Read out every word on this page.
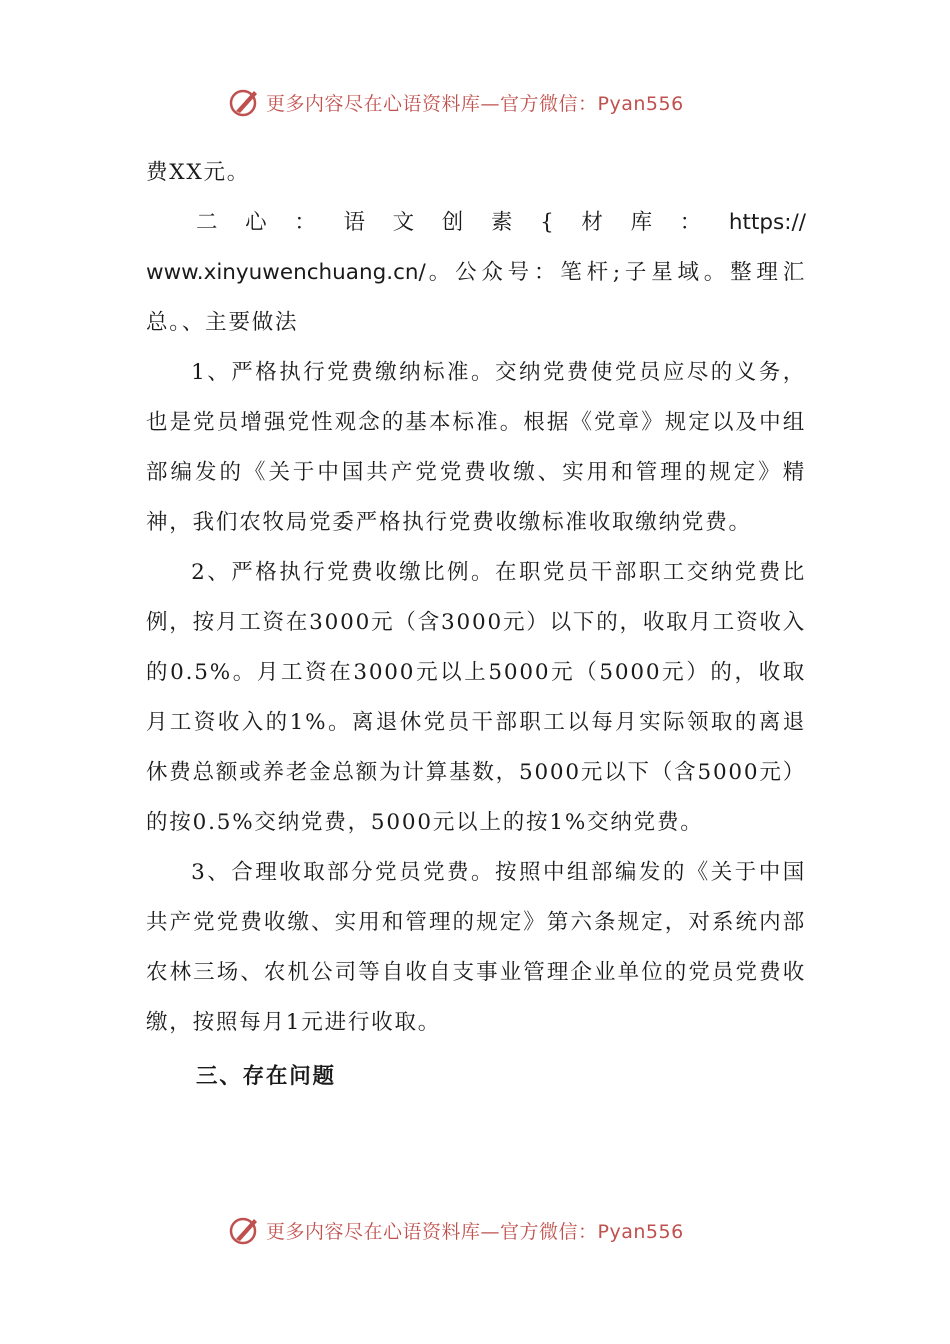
更多内容尽在心语资料库—官方微信：Pyan556

费XX元。

二 心 ： 语 文 创 素 { 材 库 ： https://

www.xinyuwenchuang.cn/。公众号：笔杆;子星域。整理汇总。、主要做法

1、严格执行党费缴纳标准。交纳党费使党员应尽的义务，也是党员增强党性观念的基本标准。根据《党章》规定以及中组部编发的《关于中国共产党党费收缴、实用和管理的规定》精神，我们农牧局党委严格执行党费收缴标准收取缴纳党费。

2、严格执行党费收缴比例。在职党员干部职工交纳党费比例，按月工资在3000元（含3000元）以下的，收取月工资收入的0.5%。月工资在3000元以上5000元（5000元）的，收取月工资收入的1%。离退休党员干部职工以每月实际领取的离退休费总额或养老金总额为计算基数，5000元以下（含5000元）的按0.5%交纳党费，5000元以上的按1%交纳党费。

3、合理收取部分党员党费。按照中组部编发的《关于中国共产党党费收缴、实用和管理的规定》第六条规定，对系统内部农林三场、农机公司等自收自支事业管理企业单位的党员党费收缴，按照每月1元进行收取。

三、存在问题

更多内容尽在心语资料库—官方微信：Pyan556
